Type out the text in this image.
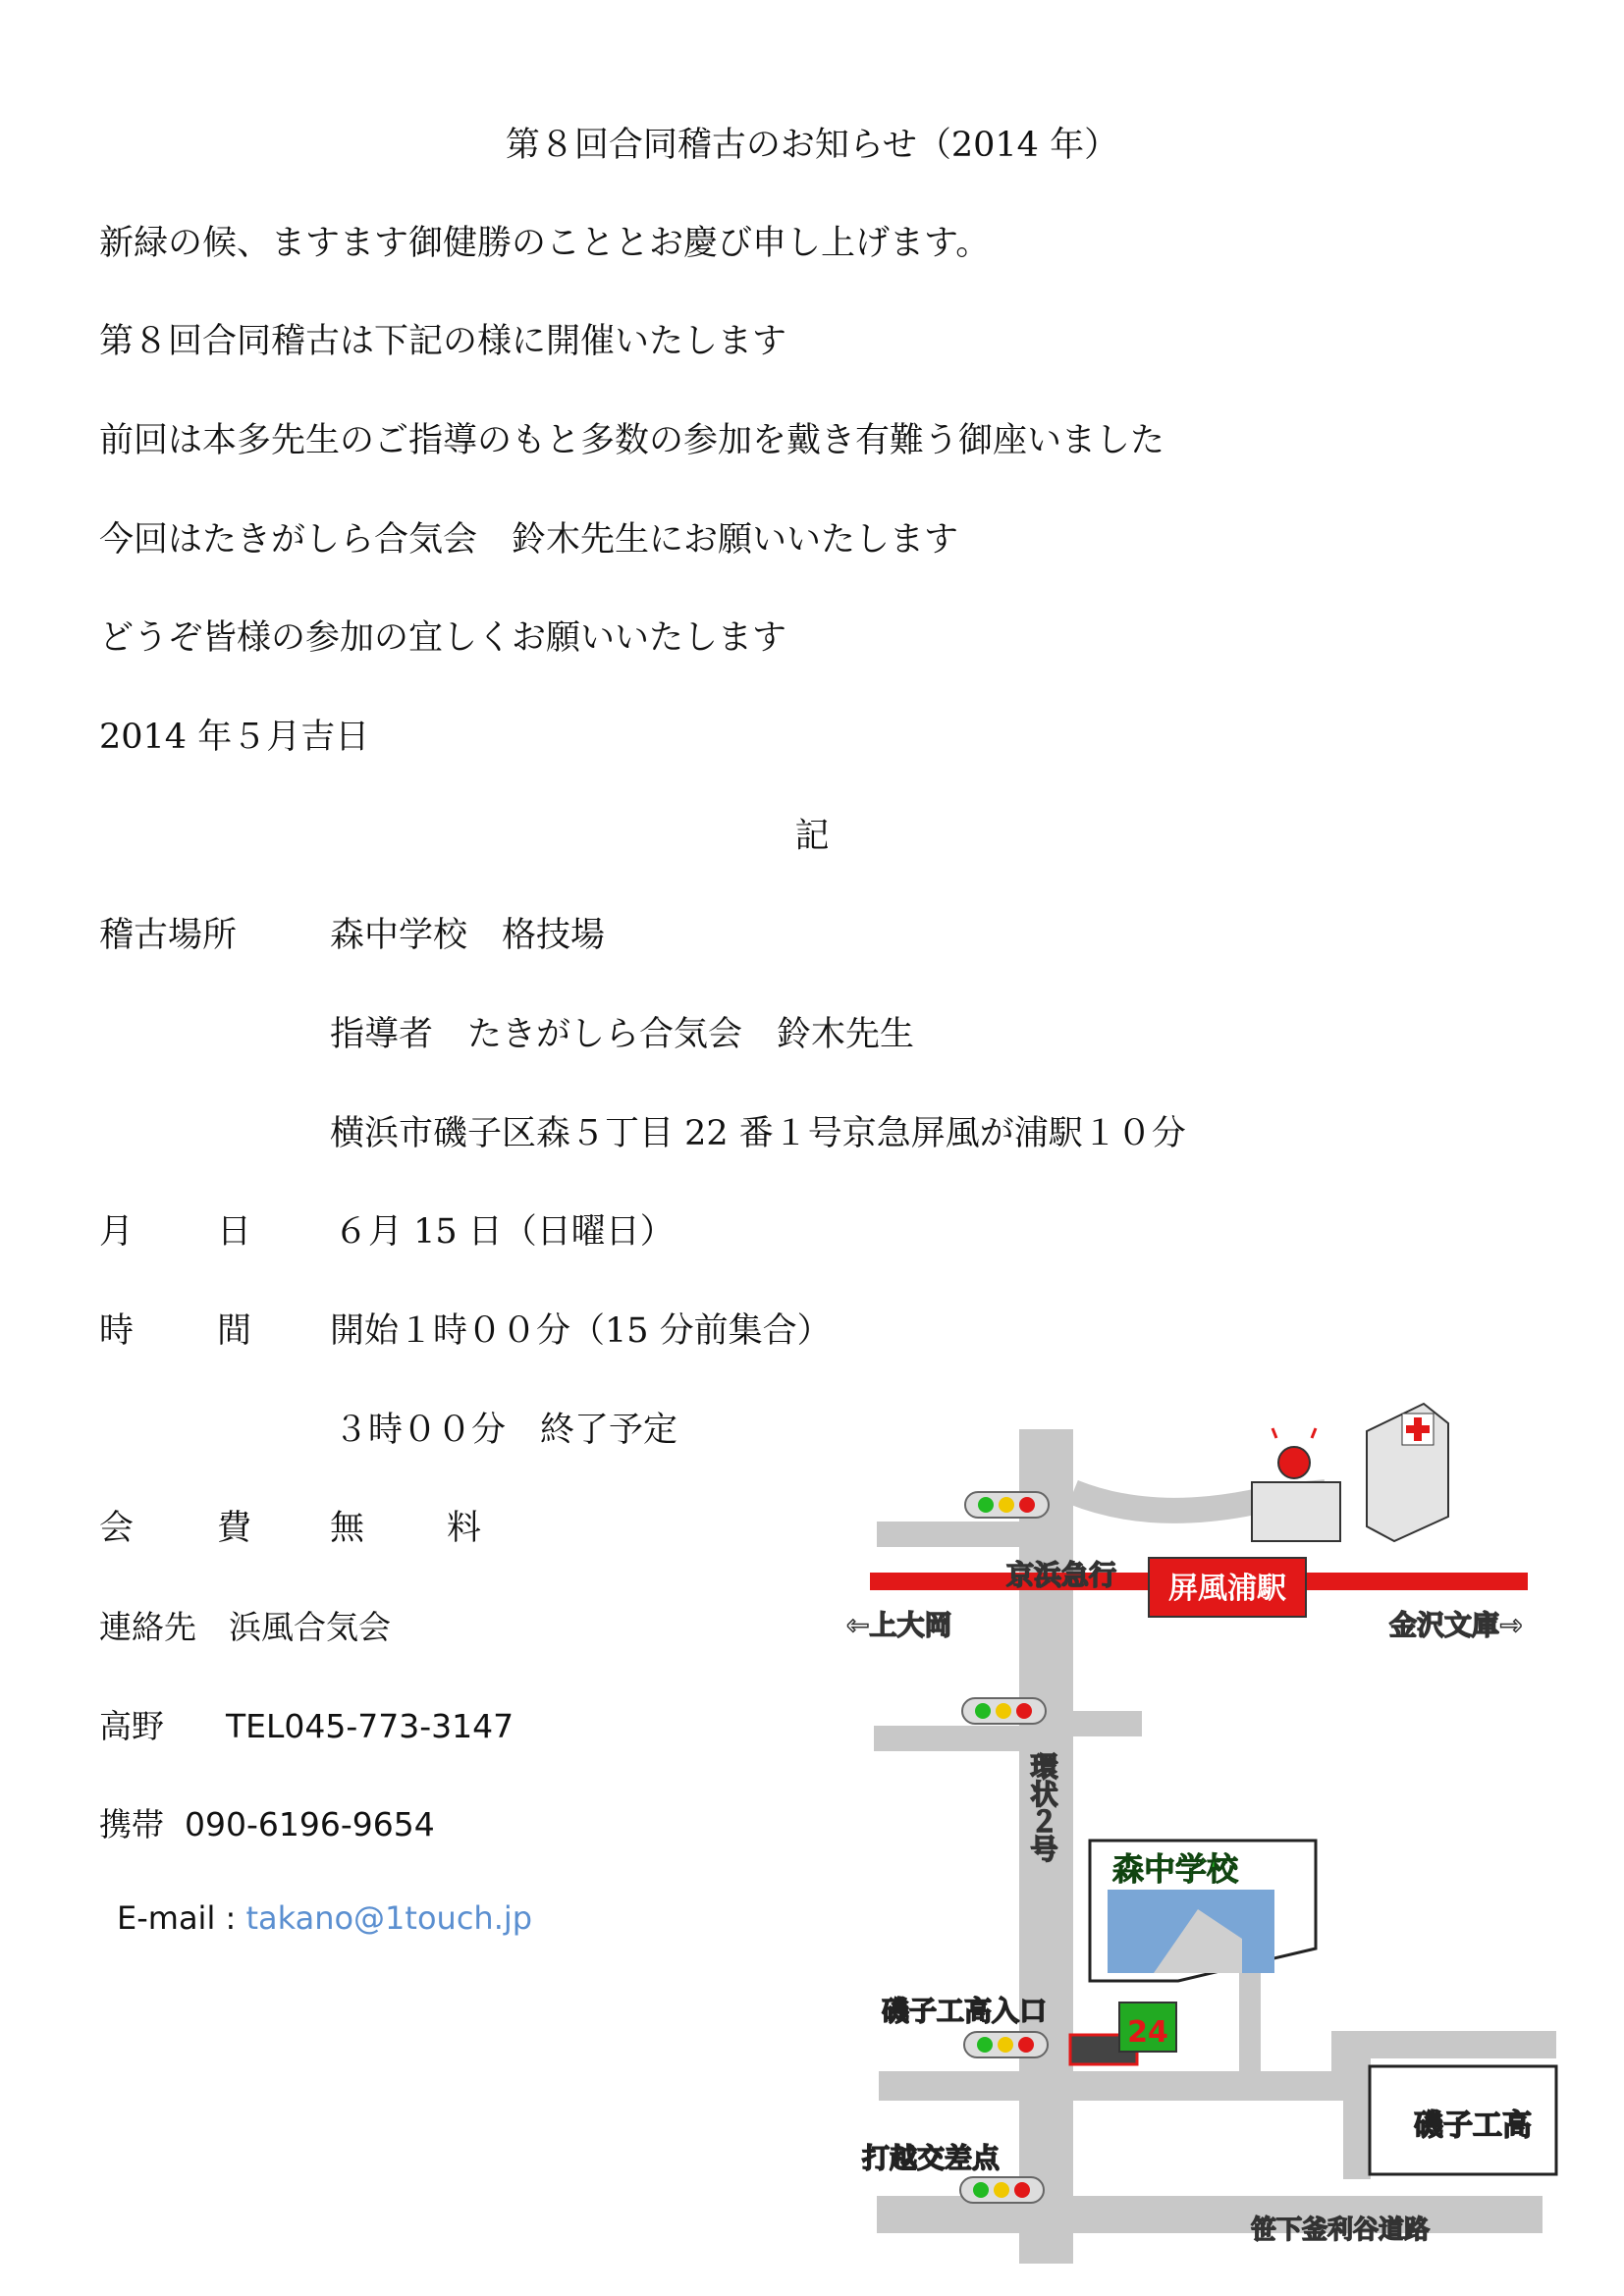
第８回合同稽古のお知らせ（2014 年）
新緑の候、ますます御健勝のこととお慶び申し上げます。
第８回合同稽古は下記の様に開催いたします
前回は本多先生のご指導のもと多数の参加を戴き有難う御座いました
今回はたきがしら合気会　鈴木先生にお願いいたします
どうぞ皆様の参加の宜しくお願いいたします
2014 年５月吉日
記
稽古場所	森中学校　格技場
指導者　たきがしら合気会　鈴木先生
横浜市磯子区森５丁目 22 番１号京急屏風が浦駅１０分
月 日 ６月 15 日（日曜日）
時 間 開始１時００分（15 分前集合）
３時００分　終了予定
会 費 無 料
連絡先　浜風合気会
高野 TEL045-773-3147
携帯 090-6196-9654
E-mail : takano@1touch.jp
京浜急行 屏風浦駅
←上大岡	金沢文庫→
環状２号
森中学校
24
磯子工高入口
打越交差点
磯子工高
笹下釜利谷道路
